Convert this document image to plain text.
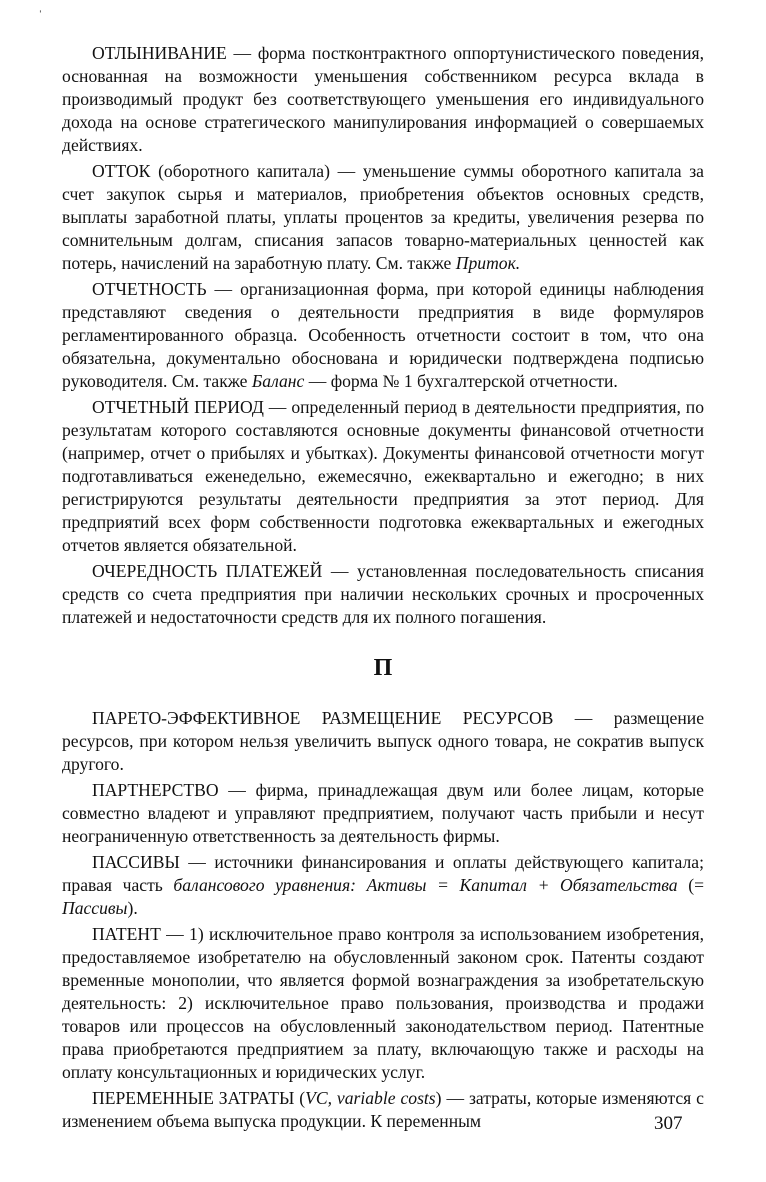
ˈ

ОТЛЫНИВАНИЕ — форма постконтрактного оппортунистического поведения, основанная на возможности уменьшения собственником ресурса вклада в производимый продукт без соответствующего уменьшения его индивидуального дохода на основе стратегического манипулирования информацией о совершаемых действиях.

ОТТОК (оборотного капитала) — уменьшение суммы оборотного капитала за счет закупок сырья и материалов, приобретения объектов основных средств, выплаты заработной платы, уплаты процентов за кредиты, увеличения резерва по сомнительным долгам, списания запасов товарно-материальных ценностей как потерь, начислений на заработную плату. См. также Приток.

ОТЧЕТНОСТЬ — организационная форма, при которой единицы наблюдения представляют сведения о деятельности предприятия в виде формуляров регламентированного образца. Особенность отчетности состоит в том, что она обязательна, документально обоснована и юридически подтверждена подписью руководителя. См. также Баланс — форма № 1 бухгалтерской отчетности.

ОТЧЕТНЫЙ ПЕРИОД — определенный период в деятельности предприятия, по результатам которого составляются основные документы финансовой отчетности (например, отчет о прибылях и убытках). Документы финансовой отчетности могут подготавливаться еженедельно, ежемесячно, ежеквартально и ежегодно; в них регистрируются результаты деятельности предприятия за этот период. Для предприятий всех форм собственности подготовка ежеквартальных и ежегодных отчетов является обязательной.

ОЧЕРЕДНОСТЬ ПЛАТЕЖЕЙ — установленная последовательность списания средств со счета предприятия при наличии нескольких срочных и просроченных платежей и недостаточности средств для их полного погашения.

П

ПАРЕТО-ЭФФЕКТИВНОЕ РАЗМЕЩЕНИЕ РЕСУРСОВ — размещение ресурсов, при котором нельзя увеличить выпуск одного товара, не сократив выпуск другого.

ПАРТНЕРСТВО — фирма, принадлежащая двум или более лицам, которые совместно владеют и управляют предприятием, получают часть прибыли и несут неограниченную ответственность за деятельность фирмы.

ПАССИВЫ — источники финансирования и оплаты действующего капитала; правая часть балансового уравнения: Активы = Капитал + Обязательства (= Пассивы).

ПАТЕНТ — 1) исключительное право контроля за использованием изобретения, предоставляемое изобретателю на обусловленный законом срок. Патенты создают временные монополии, что является формой вознаграждения за изобретательскую деятельность: 2) исключительное право пользования, производства и продажи товаров или процессов на обусловленный законодательством период. Патентные права приобретаются предприятием за плату, включающую также и расходы на оплату консультационных и юридических услуг.

ПЕРЕМЕННЫЕ ЗАТРАТЫ (VC, variable costs) — затраты, которые изменяются с изменением объема выпуска продукции. К переменным	307
